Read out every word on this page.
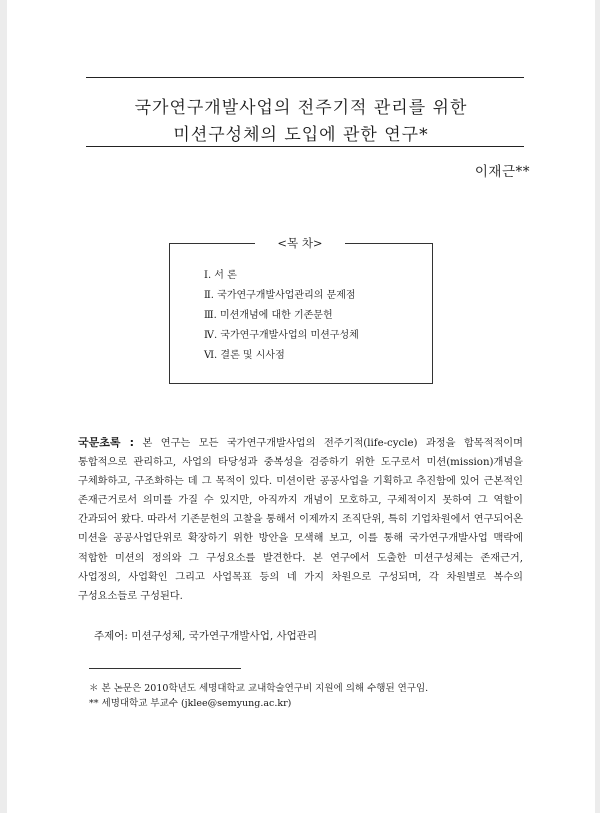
국가연구개발사업의 전주기적 관리를 위한
미션구성체의 도입에 관한 연구*
이재근**
Ⅰ. 서 론
Ⅱ. 국가연구개발사업관리의 문제점
Ⅲ. 미션개념에 대한 기존문헌
Ⅳ. 국가연구개발사업의 미션구성체
Ⅵ. 결론 및 시사점
<목 차>
국문초록 : 본 연구는 모든 국가연구개발사업의 전주기적(life-cycle) 과정을 합목적적이며 통합적으로 관리하고, 사업의 타당성과 중복성을 검증하기 위한 도구로서 미션(mission)개념을 구체화하고, 구조화하는 데 그 목적이 있다. 미션이란 공공사업을 기획하고 추진함에 있어 근본적인 존재근거로서 의미를 가질 수 있지만, 아직까지 개념이 모호하고, 구체적이지 못하여 그 역할이 간과되어 왔다. 따라서 기존문헌의 고찰을 통해서 이제까지 조직단위, 특히 기업차원에서 연구되어온 미션을 공공사업단위로 확장하기 위한 방안을 모색해 보고, 이를 통해 국가연구개발사업 맥락에 적합한 미션의 정의와 그 구성요소를 발견한다. 본 연구에서 도출한 미션구성체는 존재근거, 사업정의, 사업확인 그리고 사업목표 등의 네 가지 차원으로 구성되며, 각 차원별로 복수의 구성요소들로 구성된다.
주제어: 미션구성체, 국가연구개발사업, 사업관리
＊ 본 논문은 2010학년도 세명대학교 교내학술연구비 지원에 의해 수행된 연구임.
** 세명대학교 부교수 (jklee@semyung.ac.kr)
